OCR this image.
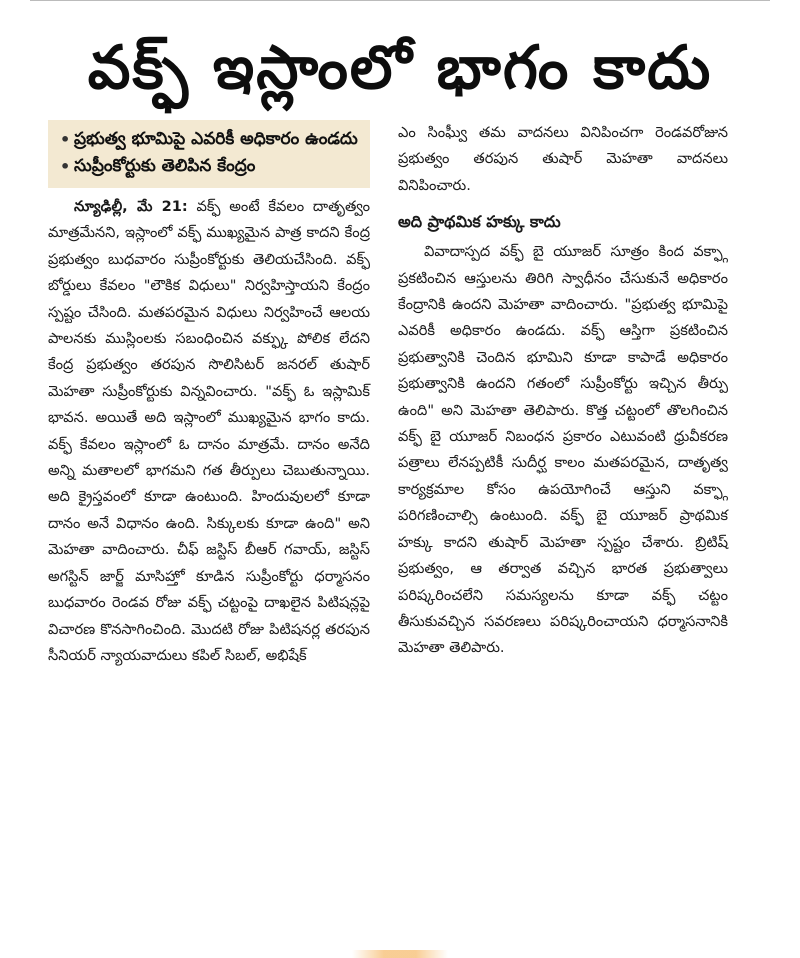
వక్ఫ్ ఇస్లాంలో భాగం కాదు
• ప్రభుత్వ భూమిపై ఎవరికీ అధికారం ఉండదు
• సుప్రీంకోర్టుకు తెలిపిన కేంద్రం

న్యూఢిల్లీ, మే 21: వక్ఫ్ అంటే కేవలం దాతృత్వం మాత్రమేనని, ఇస్లాంలో వక్ఫ్ ముఖ్యమైన పాత్ర కాదని కేంద్ర ప్రభుత్వం బుధవారం సుప్రీంకోర్టుకు తెలియచేసింది. వక్ఫ్ బోర్డులు కేవలం "లౌకిక విధులు" నిర్వహిస్తాయని కేంద్రం స్పష్టం చేసింది. మతపరమైన విధులు నిర్వహించే ఆలయ పాలనకు ముస్లింలకు సబంధించిన వక్ఫ్కు పోలిక లేదని కేంద్ర ప్రభుత్వం తరపున సొలిసిటర్ జనరల్ తుషార్ మెహతా సుప్రీంకోర్టుకు విన్నవించారు. "వక్ఫ్ ఓ ఇస్లామిక్ భావన. అయితే అది ఇస్లాంలో ముఖ్యమైన భాగం కాదు. వక్ఫ్ కేవలం ఇస్లాంలో ఓ దానం మాత్రమే. దానం అనేది అన్ని మతాలలో భాగమని గత తీర్పులు చెబుతున్నాయి. అది క్రైస్తవంలో కూడా ఉంటుంది. హిందువులలో కూడా దానం అనే విధానం ఉంది. సిక్కులకు కూడా ఉంది" అని మెహతా వాదించారు. చీఫ్ జస్టిస్ బీఆర్ గవాయ్, జస్టిస్ అగస్టిన్ జార్జ్ మాసిహ్తో కూడిన సుప్రీంకోర్టు ధర్మాసనం బుధవారం రెండవ రోజు వక్ఫ్ చట్టంపై దాఖలైన పిటిషన్లపై విచారణ కొనసాగించింది. మొదటి రోజు పిటిషనర్ల తరపున సీనియర్ న్యాయవాదులు కపిల్ సిబల్, అభిషేక్

ఎం సింఘ్వీ తమ వాదనలు వినిపించగా రెండవరోజున ప్రభుత్వం తరపున తుషార్ మెహతా వాదనలు వినిపించారు.

అది ప్రాథమిక హక్కు కాదు

వివాదాస్పద వక్ఫ్ బై యూజర్ సూత్రం కింద వక్ఫ్గా ప్రకటించిన ఆస్తులను తిరిగి స్వాధీనం చేసుకునే అధికారం కేంద్రానికి ఉందని మెహతా వాదించారు. "ప్రభుత్వ భూమిపై ఎవరికీ అధికారం ఉండదు. వక్ఫ్ ఆస్తిగా ప్రకటించిన ప్రభుత్వానికి చెందిన భూమిని కూడా కాపాడే అధికారం ప్రభుత్వానికి ఉందని గతంలో సుప్రీంకోర్టు ఇచ్చిన తీర్పు ఉంది" అని మెహతా తెలిపారు. కొత్త చట్టంలో తొలగించిన వక్ఫ్ బై యూజర్ నిబంధన ప్రకారం ఎటువంటి ధ్రువీకరణ పత్రాలు లేనప్పటికీ సుదీర్ఘ కాలం మతపరమైన, దాతృత్వ కార్యక్రమాల కోసం ఉపయోగించే ఆస్తుని వక్ఫ్గా పరిగణించాల్సి ఉంటుంది. వక్ఫ్ బై యూజర్ ప్రాథమిక హక్కు కాదని తుషార్ మెహతా స్పష్టం చేశారు. బ్రిటిష్ ప్రభుత్వం, ఆ తర్వాత వచ్చిన భారత ప్రభుత్వాలు పరిష్కరించలేని సమస్యలను కూడా వక్ఫ్ చట్టం తీసుకువచ్చిన సవరణలు పరిష్కరించాయని ధర్మాసనానికి మెహతా తెలిపారు.
